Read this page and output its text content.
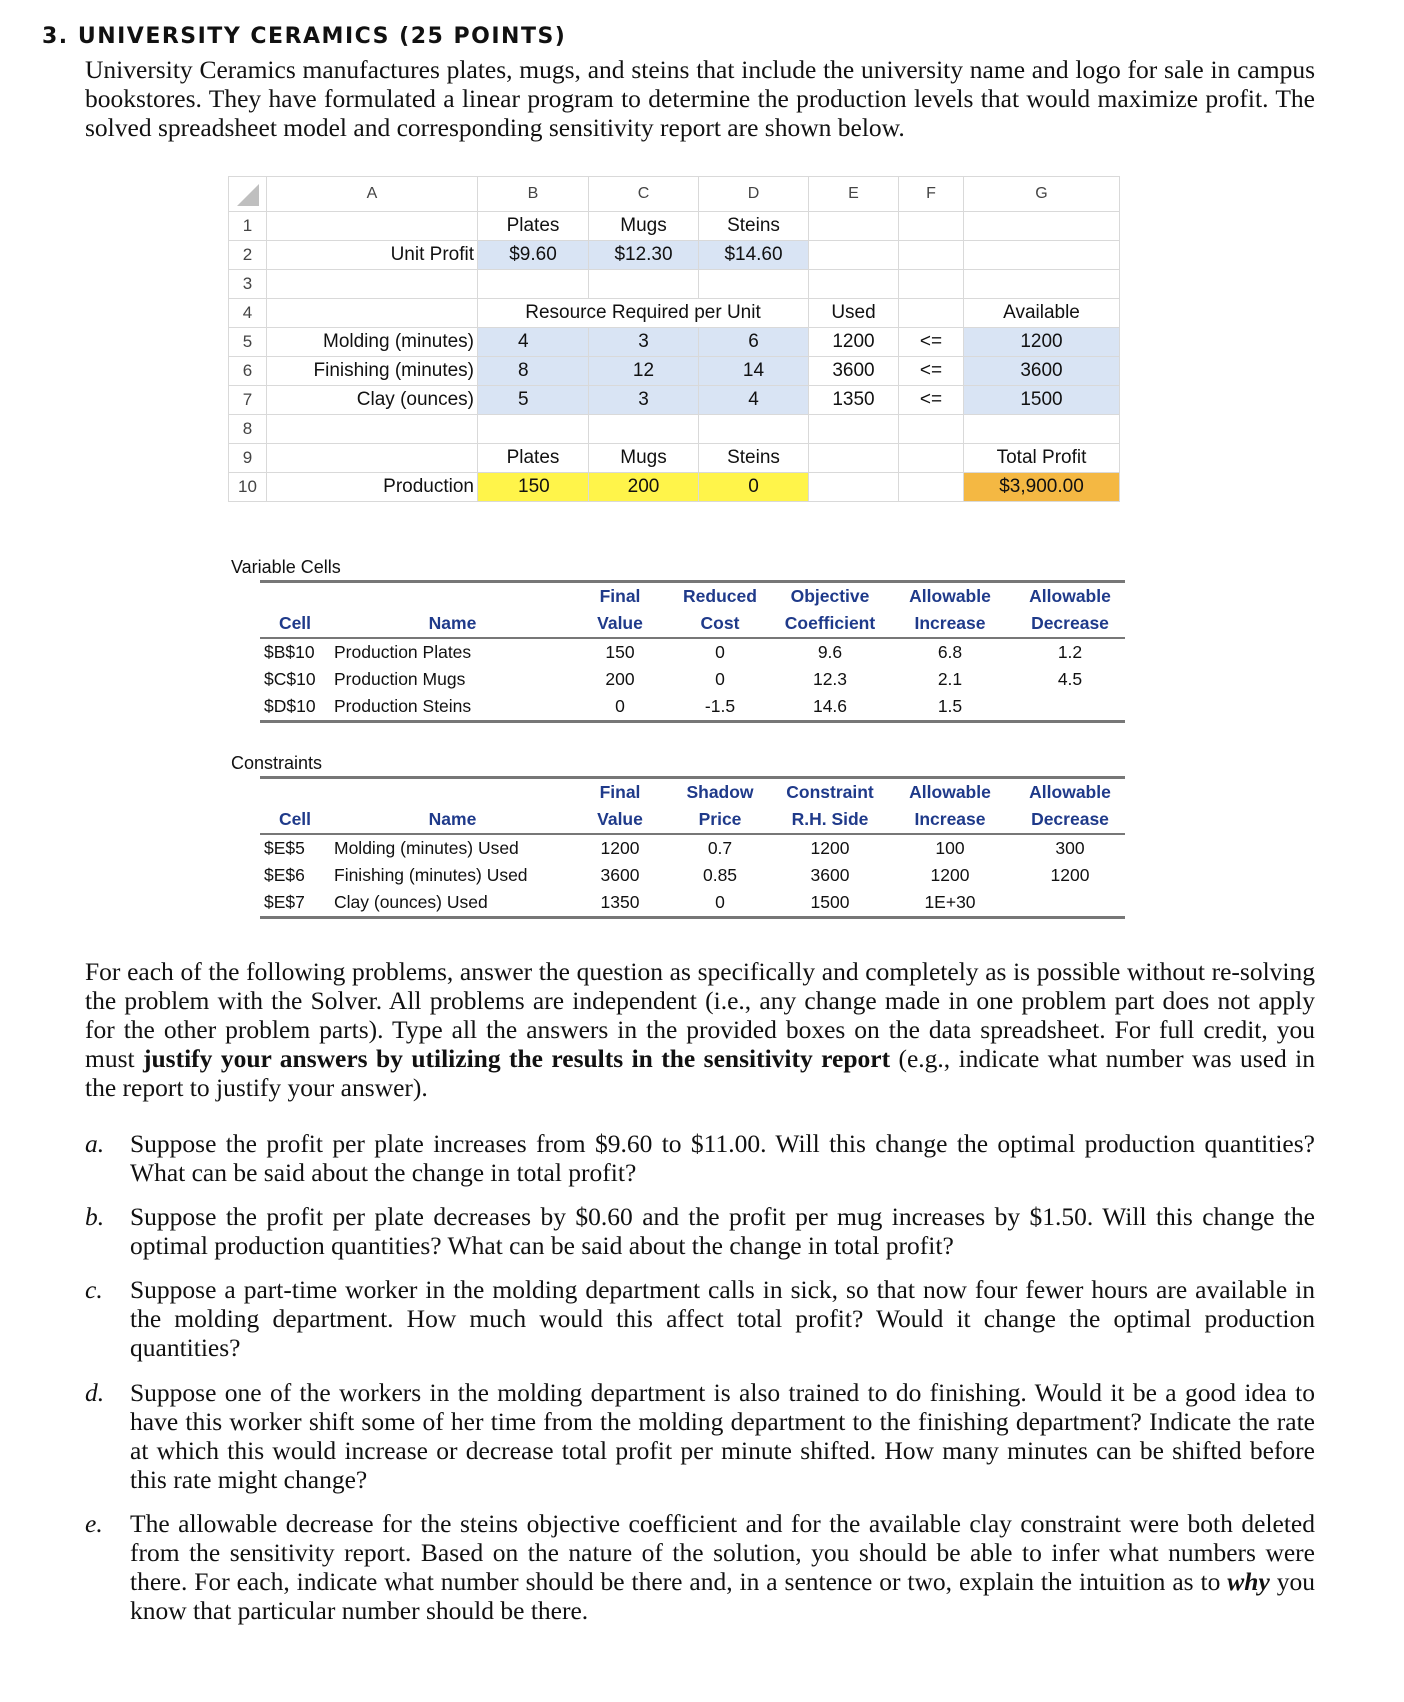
3. UNIVERSITY CERAMICS (25 POINTS)
University Ceramics manufactures plates, mugs, and steins that include the university name and logo for sale in campus bookstores. They have formulated a linear program to determine the production levels that would maximize profit. The solved spreadsheet model and corresponding sensitivity report are shown below.
	A	B	C	D	E	F	G
1		Plates	Mugs	Steins			
2	Unit Profit	$9.60	$12.30	$14.60			
3							
4		Resource Required per Unit			Used		Available
5	Molding (minutes)	4	3	6	1200	<=	1200
6	Finishing (minutes)	8	12	14	3600	<=	3600
7	Clay (ounces)	5	3	4	1350	<=	1500
8							
9		Plates	Mugs	Steins			Total Profit
10	Production	150	200	0			$3,900.00
Variable Cells
		Final	Reduced	Objective	Allowable	Allowable
Cell	Name	Value	Cost	Coefficient	Increase	Decrease
$B$10	Production Plates	150	0	9.6	6.8	1.2
$C$10	Production Mugs	200	0	12.3	2.1	4.5
$D$10	Production Steins	0	-1.5	14.6	1.5	
Constraints
		Final	Shadow	Constraint	Allowable	Allowable
Cell	Name	Value	Price	R.H. Side	Increase	Decrease
$E$5	Molding (minutes) Used	1200	0.7	1200	100	300
$E$6	Finishing (minutes) Used	3600	0.85	3600	1200	1200
$E$7	Clay (ounces) Used	1350	0	1500	1E+30	
For each of the following problems, answer the question as specifically and completely as is possible without re-solving the problem with the Solver. All problems are independent (i.e., any change made in one problem part does not apply for the other problem parts). Type all the answers in the provided boxes on the data spreadsheet. For full credit, you must justify your answers by utilizing the results in the sensitivity report (e.g., indicate what number was used in the report to justify your answer).
a.	Suppose the profit per plate increases from $9.60 to $11.00. Will this change the optimal production quantities? What can be said about the change in total profit?
b.	Suppose the profit per plate decreases by $0.60 and the profit per mug increases by $1.50. Will this change the optimal production quantities? What can be said about the change in total profit?
c.	Suppose a part-time worker in the molding department calls in sick, so that now four fewer hours are available in the molding department. How much would this affect total profit? Would it change the optimal production quantities?
d.	Suppose one of the workers in the molding department is also trained to do finishing. Would it be a good idea to have this worker shift some of her time from the molding department to the finishing department? Indicate the rate at which this would increase or decrease total profit per minute shifted. How many minutes can be shifted before this rate might change?
e.	The allowable decrease for the steins objective coefficient and for the available clay constraint were both deleted from the sensitivity report. Based on the nature of the solution, you should be able to infer what numbers were there. For each, indicate what number should be there and, in a sentence or two, explain the intuition as to why you know that particular number should be there.
